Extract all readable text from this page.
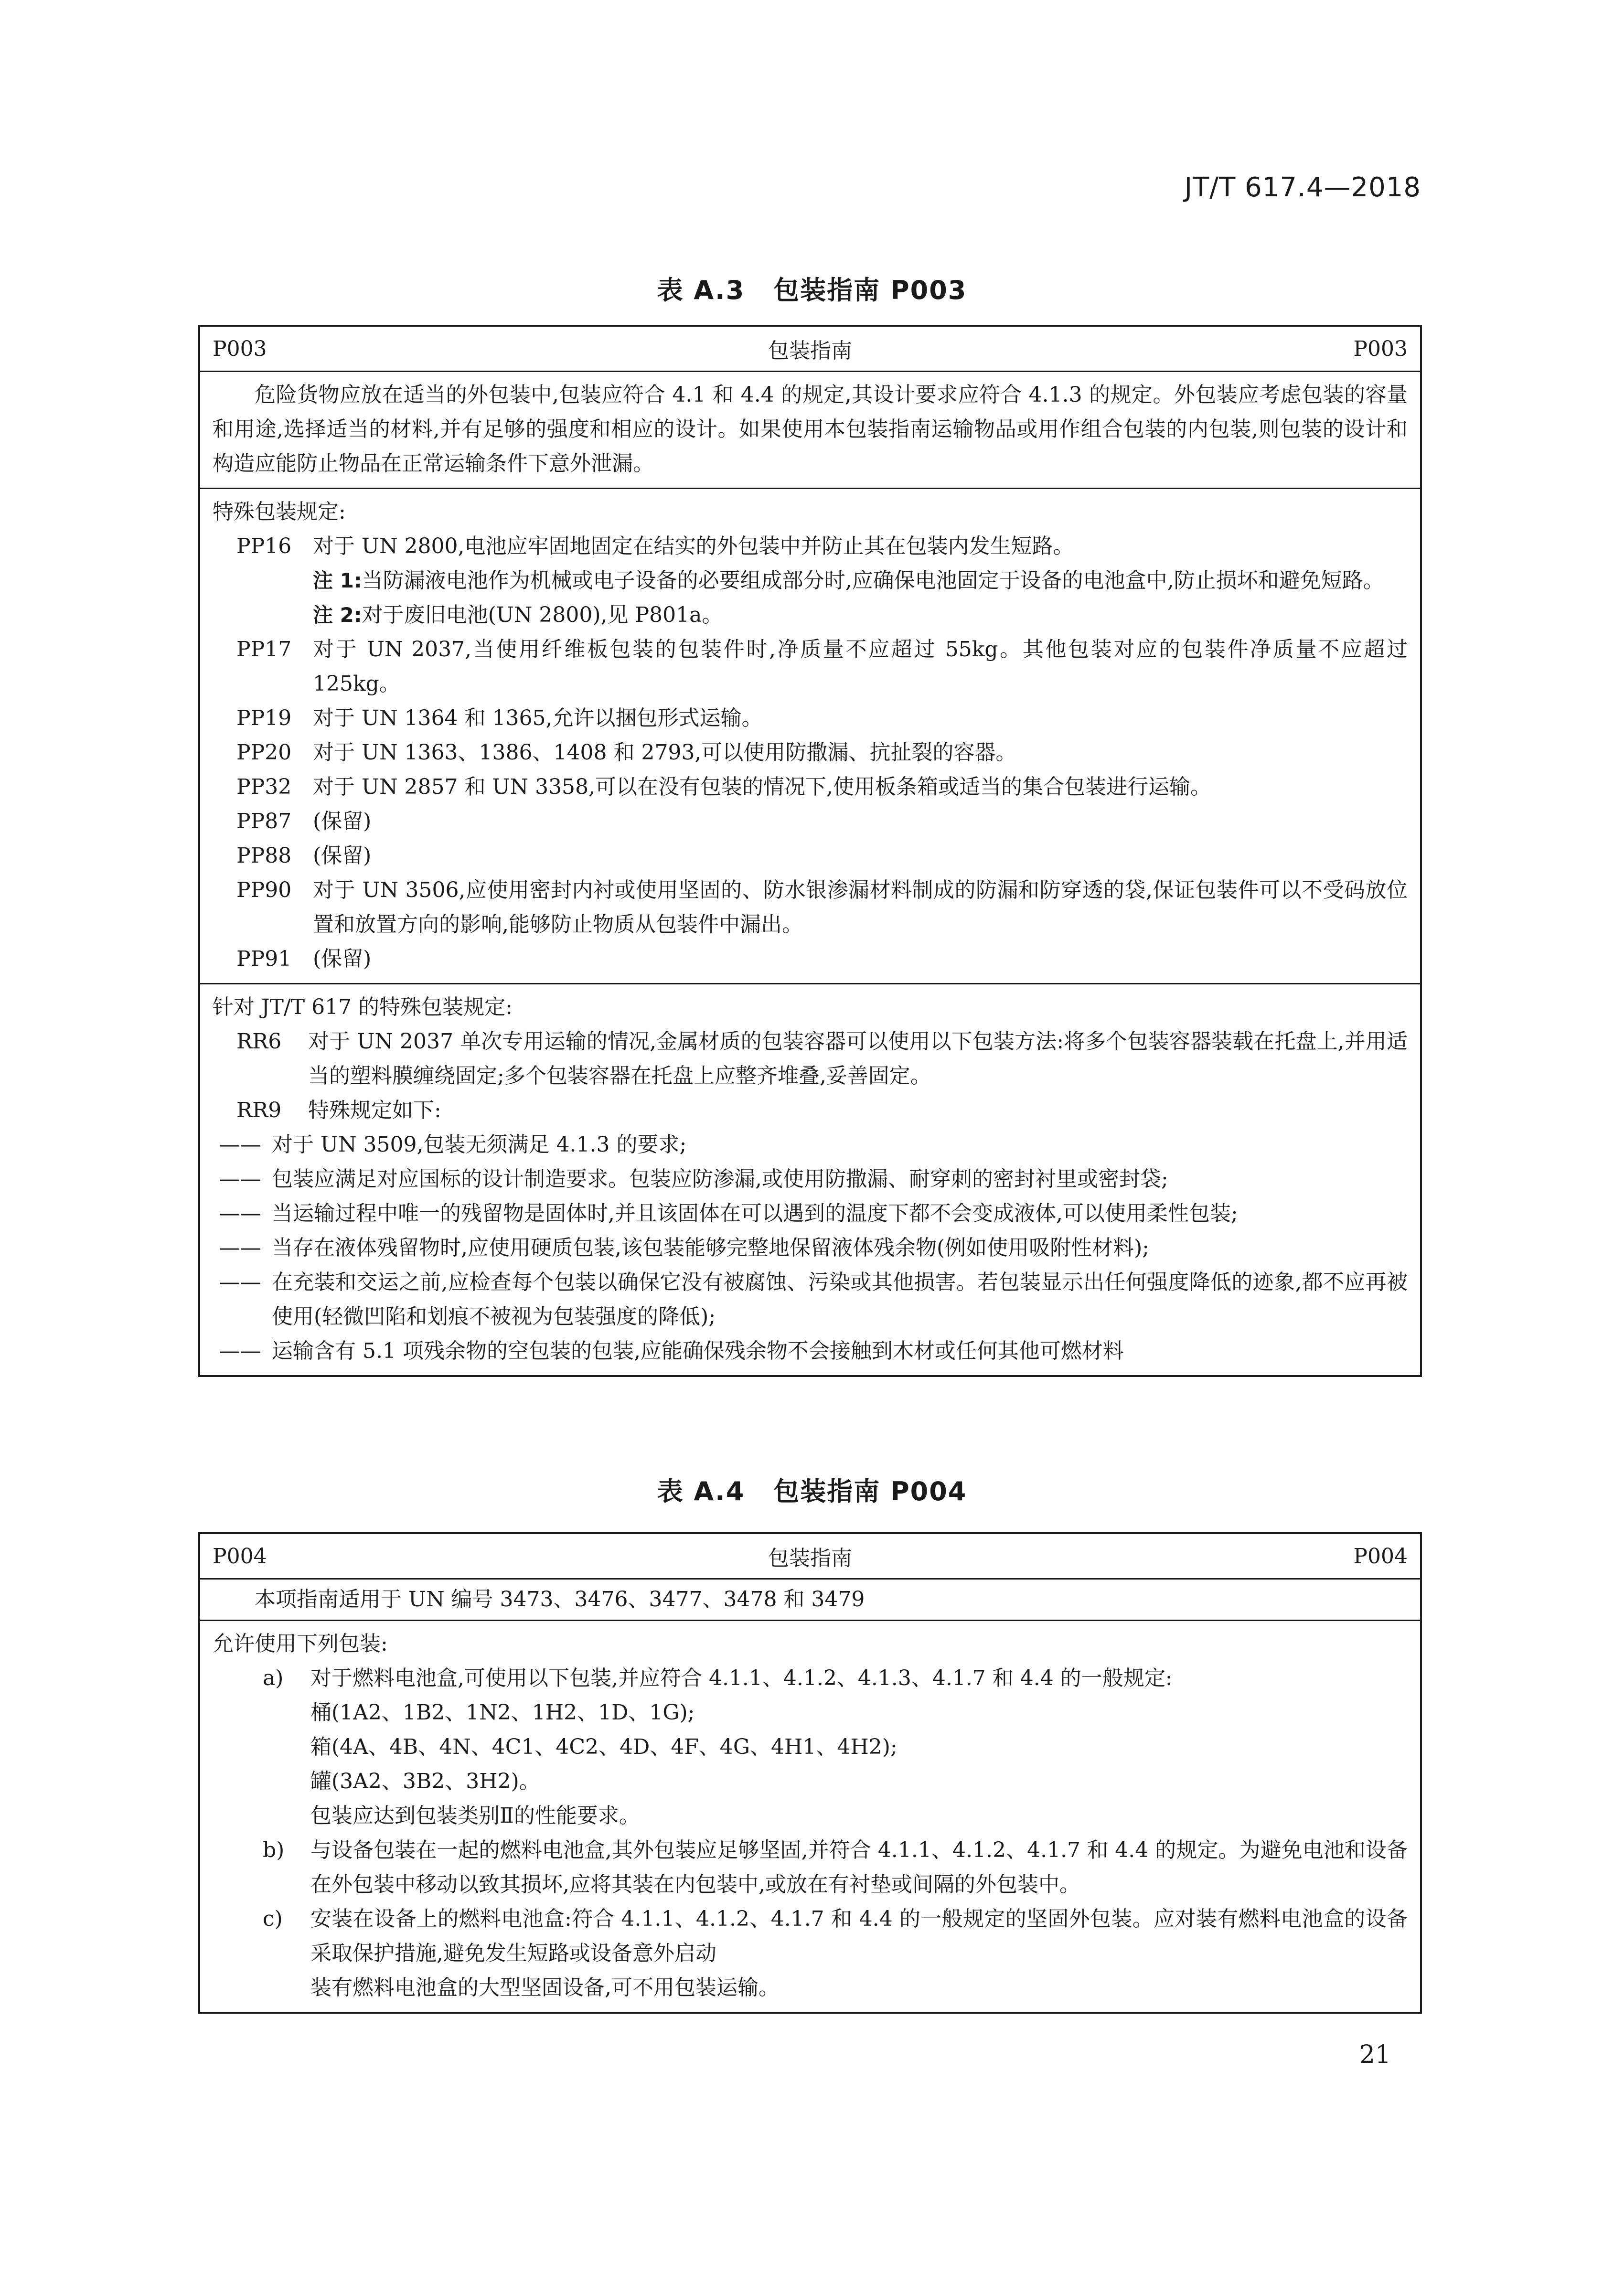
JT/T 617.4—2018
表 A.3 包装指南 P003
P003	包装指南	P003
危险货物应放在适当的外包装中,包装应符合 4.1 和 4.4 的规定,其设计要求应符合 4.1.3 的规定。外包装应考虑包装的容量和用途,选择适当的材料,并有足够的强度和相应的设计。如果使用本包装指南运输物品或用作组合包装的内包装,则包装的设计和构造应能防止物品在正常运输条件下意外泄漏。
特殊包装规定:
PP16	对于 UN 2800,电池应牢固地固定在结实的外包装中并防止其在包装内发生短路。
注 1: 当防漏液电池作为机械或电子设备的必要组成部分时,应确保电池固定于设备的电池盒中,防止损坏和避免短路。
注 2: 对于废旧电池(UN 2800),见 P801a。
PP17	对于 UN 2037,当使用纤维板包装的包装件时,净质量不应超过 55kg。其他包装对应的包装件净质量不应超过 125kg。
PP19	对于 UN 1364 和 1365,允许以捆包形式运输。
PP20	对于 UN 1363、1386、1408 和 2793,可以使用防撒漏、抗扯裂的容器。
PP32	对于 UN 2857 和 UN 3358,可以在没有包装的情况下,使用板条箱或适当的集合包装进行运输。
PP87	(保留)
PP88	(保留)
PP90	对于 UN 3506,应使用密封内衬或使用坚固的、防水银渗漏材料制成的防漏和防穿透的袋,保证包装件可以不受码放位置和放置方向的影响,能够防止物质从包装件中漏出。
PP91	(保留)
针对 JT/T 617 的特殊包装规定:
RR6	对于 UN 2037 单次专用运输的情况,金属材质的包装容器可以使用以下包装方法:将多个包装容器装载在托盘上,并用适当的塑料膜缠绕固定;多个包装容器在托盘上应整齐堆叠,妥善固定。
RR9	特殊规定如下:
—— 对于 UN 3509,包装无须满足 4.1.3 的要求;
—— 包装应满足对应国标的设计制造要求。包装应防渗漏,或使用防撒漏、耐穿刺的密封衬里或密封袋;
—— 当运输过程中唯一的残留物是固体时,并且该固体在可以遇到的温度下都不会变成液体,可以使用柔性包装;
—— 当存在液体残留物时,应使用硬质包装,该包装能够完整地保留液体残余物(例如使用吸附性材料);
—— 在充装和交运之前,应检查每个包装以确保它没有被腐蚀、污染或其他损害。若包装显示出任何强度降低的迹象,都不应再被使用(轻微凹陷和划痕不被视为包装强度的降低);
—— 运输含有 5.1 项残余物的空包装的包装,应能确保残余物不会接触到木材或任何其他可燃材料
表 A.4 包装指南 P004
P004	包装指南	P004
本项指南适用于 UN 编号 3473、3476、3477、3478 和 3479
允许使用下列包装:
a)	对于燃料电池盒,可使用以下包装,并应符合 4.1.1、4.1.2、4.1.3、4.1.7 和 4.4 的一般规定:
桶(1A2、1B2、1N2、1H2、1D、1G);
箱(4A、4B、4N、4C1、4C2、4D、4F、4G、4H1、4H2);
罐(3A2、3B2、3H2)。
包装应达到包装类别Ⅱ的性能要求。
b)	与设备包装在一起的燃料电池盒,其外包装应足够坚固,并符合 4.1.1、4.1.2、4.1.7 和 4.4 的规定。为避免电池和设备在外包装中移动以致其损坏,应将其装在内包装中,或放在有衬垫或间隔的外包装中。
c)	安装在设备上的燃料电池盒:符合 4.1.1、4.1.2、4.1.7 和 4.4 的一般规定的坚固外包装。应对装有燃料电池盒的设备采取保护措施,避免发生短路或设备意外启动
装有燃料电池盒的大型坚固设备,可不用包装运输。
21
